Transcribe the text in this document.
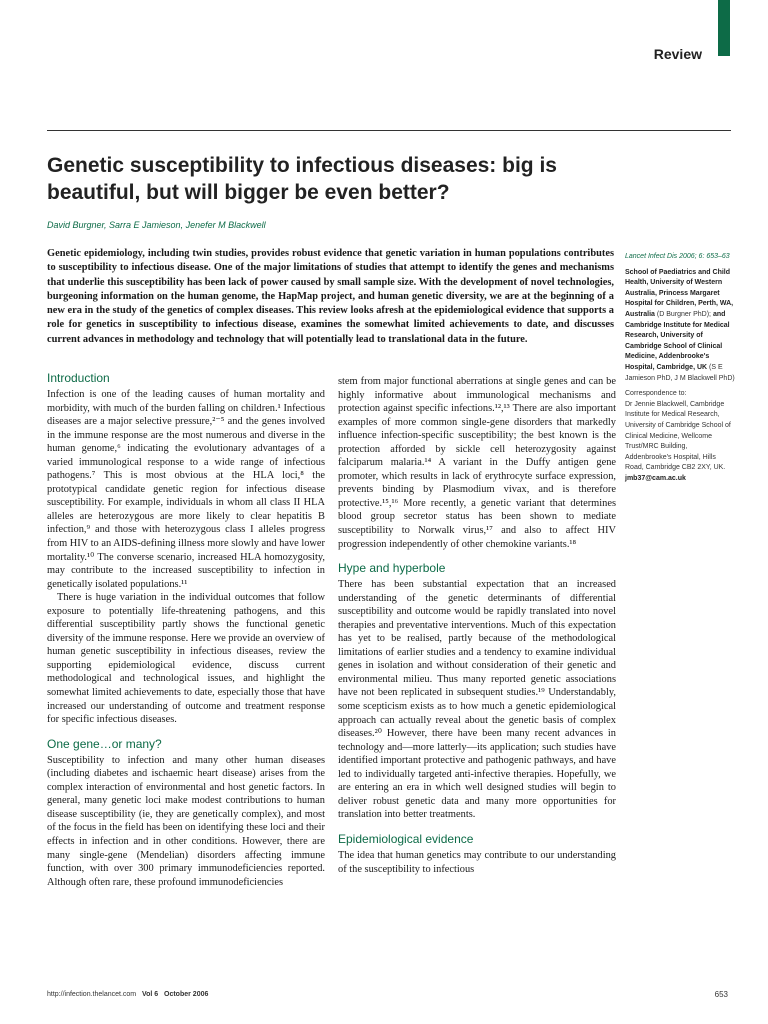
Review
Genetic susceptibility to infectious diseases: big is beautiful, but will bigger be even better?
David Burgner, Sarra E Jamieson, Jenefer M Blackwell

Genetic epidemiology, including twin studies, provides robust evidence that genetic variation in human populations contributes to susceptibility to infectious disease. One of the major limitations of studies that attempt to identify the genes and mechanisms that underlie this susceptibility has been lack of power caused by small sample size. With the development of novel technologies, burgeoning information on the human genome, the HapMap project, and human genetic diversity, we are at the beginning of a new era in the study of the genetics of complex diseases. This review looks afresh at the epidemiological evidence that supports a role for genetics in susceptibility to infectious disease, examines the somewhat limited achievements to date, and discusses current advances in methodology and technology that will potentially lead to translational data in the future.

Lancet Infect Dis 2006; 6: 653–63

School of Paediatrics and Child Health, University of Western Australia, Princess Margaret Hospital for Children, Perth, WA, Australia (D Burgner PhD); and Cambridge Institute for Medical Research, University of Cambridge School of Clinical Medicine, Addenbrooke's Hospital, Cambridge, UK (S E Jamieson PhD, J M Blackwell PhD)

Correspondence to:
Dr Jennie Blackwell, Cambridge Institute for Medical Research, University of Cambridge School of Clinical Medicine, Wellcome Trust/MRC Building, Addenbrooke's Hospital, Hills Road, Cambridge CB2 2XY, UK.
jmb37@cam.ac.uk

Introduction

Infection is one of the leading causes of human mortality and morbidity, with much of the burden falling on children.¹ Infectious diseases are a major selective pressure,²⁻⁵ and the genes involved in the immune response are the most numerous and diverse in the human genome,⁶ indicating the evolutionary advantages of a varied immunological response to a wide range of infectious pathogens.⁷ This is most obvious at the HLA loci,⁸ the prototypical candidate genetic region for infectious disease susceptibility. For example, individuals in whom all class II HLA alleles are heterozygous are more likely to clear hepatitis B infection,⁹ and those with heterozygous class I alleles progress from HIV to an AIDS-defining illness more slowly and have lower mortality.¹⁰ The converse scenario, increased HLA homozygosity, may contribute to the increased susceptibility to infection in genetically isolated populations.¹¹

There is huge variation in the individual outcomes that follow exposure to potentially life-threatening pathogens, and this differential susceptibility partly shows the functional genetic diversity of the immune response. Here we provide an overview of human genetic susceptibility in infectious diseases, review the supporting epidemiological evidence, discuss current methodological and technological issues, and highlight the somewhat limited achievements to date, especially those that have increased our understanding of outcome and treatment response for specific infectious diseases.

One gene…or many?

Susceptibility to infection and many other human diseases (including diabetes and ischaemic heart disease) arises from the complex interaction of environmental and host genetic factors. In general, many genetic loci make modest contributions to human disease susceptibility (ie, they are genetically complex), and most of the focus in the field has been on identifying these loci and their effects in infection and in other conditions. However, there are many single-gene (Mendelian) disorders affecting immune function, with over 300 primary immunodeficiencies reported. Although often rare, these profound immunodeficiencies

stem from major functional aberrations at single genes and can be highly informative about immunological mechanisms and protection against specific infections.¹²,¹³ There are also important examples of more common single-gene disorders that markedly influence infection-specific susceptibility; the best known is the protection afforded by sickle cell heterozygosity against falciparum malaria.¹⁴ A variant in the Duffy antigen gene promoter, which results in lack of erythrocyte surface expression, prevents binding by Plasmodium vivax, and is therefore protective.¹⁵,¹⁶ More recently, a genetic variant that determines blood group secretor status has been shown to mediate susceptibility to Norwalk virus,¹⁷ and also to affect HIV progression independently of other chemokine variants.¹⁸

Hype and hyperbole

There has been substantial expectation that an increased understanding of the genetic determinants of differential susceptibility and outcome would be rapidly translated into novel therapies and preventative interventions. Much of this expectation has yet to be realised, partly because of the methodological limitations of earlier studies and a tendency to examine individual genes in isolation and without consideration of their genetic and environmental milieu. Thus many reported genetic associations have not been replicated in subsequent studies.¹⁹ Understandably, some scepticism exists as to how much a genetic epidemiological approach can actually reveal about the genetic basis of complex diseases.²⁰ However, there have been many recent advances in technology and—more latterly—its application; such studies have identified important protective and pathogenic pathways, and have led to individually targeted anti-infective therapies. Hopefully, we are entering an era in which well designed studies will begin to deliver robust genetic data and many more opportunities for translation into better treatments.

Epidemiological evidence

The idea that human genetics may contribute to our understanding of the susceptibility to infectious

http://infection.thelancet.com Vol 6 October 2006	653
